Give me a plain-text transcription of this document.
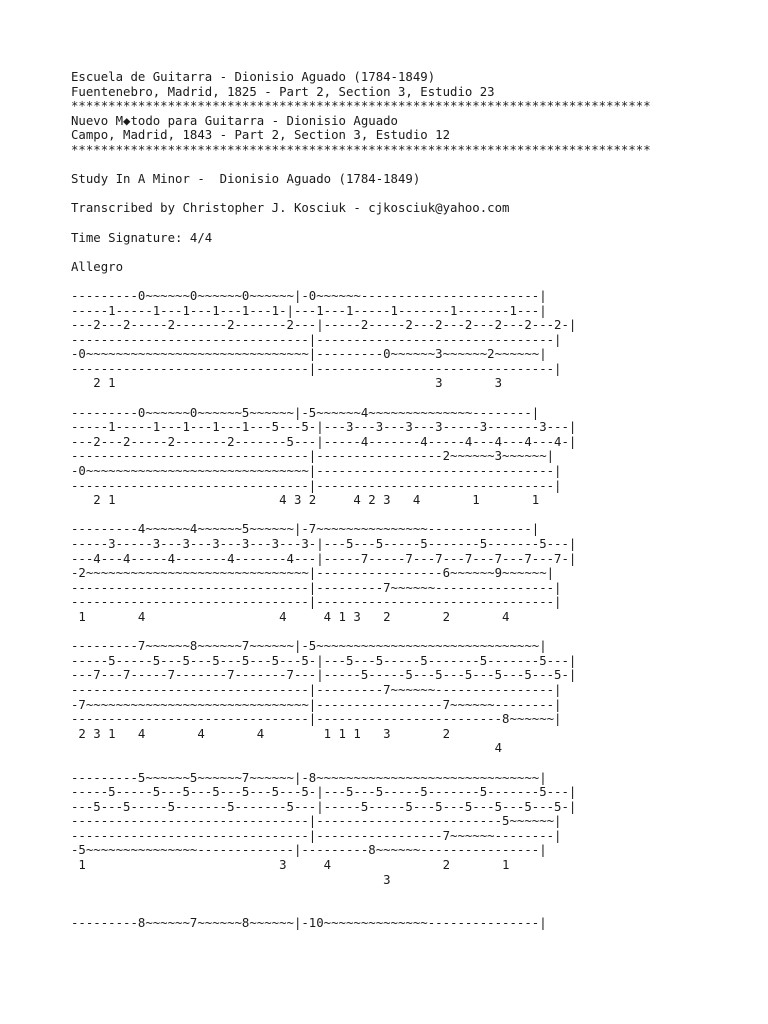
Escuela de Guitarra - Dionisio Aguado (1784-1849)
Fuentenebro, Madrid, 1825 - Part 2, Section 3, Estudio 23
******************************************************************************
Nuevo M◆todo para Guitarra - Dionisio Aguado
Campo, Madrid, 1843 - Part 2, Section 3, Estudio 12
******************************************************************************
Study In A Minor -  Dionisio Aguado (1784-1849)
Transcribed by Christopher J. Kosciuk - cjkosciuk@yahoo.com
Time Signature: 4/4
Allegro
---------0~~~~~~0~~~~~~0~~~~~~|-0~~~~~~------------------------|
-----1-----1---1---1---1---1-|---1---1-----1-------1-------1---|
---2---2-----2-------2-------2---|-----2-----2---2---2---2---2---2-|
--------------------------------|--------------------------------|
-0~~~~~~~~~~~~~~~~~~~~~~~~~~~~~~|---------0~~~~~~3~~~~~~2~~~~~~|
--------------------------------|--------------------------------|
2 1                                           3       3
---------0~~~~~~0~~~~~~5~~~~~~|-5~~~~~~4~~~~~~~~~~~~~~--------|
-----1-----1---1---1---1---5---5-|---3---3---3---3-----3-------3---|
---2---2-----2-------2-------5---|-----4-------4-----4---4---4---4-|
--------------------------------|-----------------2~~~~~~3~~~~~~|
-0~~~~~~~~~~~~~~~~~~~~~~~~~~~~~~|--------------------------------|
--------------------------------|--------------------------------|
2 1                      4 3 2     4 2 3   4       1       1
---------4~~~~~~4~~~~~~5~~~~~~|-7~~~~~~~~~~~~~~~--------------|
-----3-----3---3---3---3---3---3-|---5---5-----5-------5-------5---|
---4---4-----4-------4-------4---|-----7-----7---7---7---7---7---7-|
-2~~~~~~~~~~~~~~~~~~~~~~~~~~~~~~|-----------------6~~~~~~9~~~~~~|
--------------------------------|---------7~~~~~~----------------|
--------------------------------|--------------------------------|
1       4                  4     4 1 3   2       2       4
---------7~~~~~~8~~~~~~7~~~~~~|-5~~~~~~~~~~~~~~~~~~~~~~~~~~~~~~|
-----5-----5---5---5---5---5---5-|---5---5-----5-------5-------5---|
---7---7-----7-------7-------7---|-----5-----5---5---5---5---5---5-|
--------------------------------|---------7~~~~~~----------------|
-7~~~~~~~~~~~~~~~~~~~~~~~~~~~~~~|-----------------7~~~~~~--------|
--------------------------------|-------------------------8~~~~~~|
2 3 1   4       4       4        1 1 1   3       2
4
---------5~~~~~~5~~~~~~7~~~~~~|-8~~~~~~~~~~~~~~~~~~~~~~~~~~~~~~|
-----5-----5---5---5---5---5---5-|---5---5-----5-------5-------5---|
---5---5-----5-------5-------5---|-----5-----5---5---5---5---5---5-|
--------------------------------|-------------------------5~~~~~~|
--------------------------------|-----------------7~~~~~~--------|
-5~~~~~~~~~~~~~~~-------------|---------8~~~~~~----------------|
1                          3     4               2       1
3
---------8~~~~~~7~~~~~~8~~~~~~|-10~~~~~~~~~~~~~~---------------|
